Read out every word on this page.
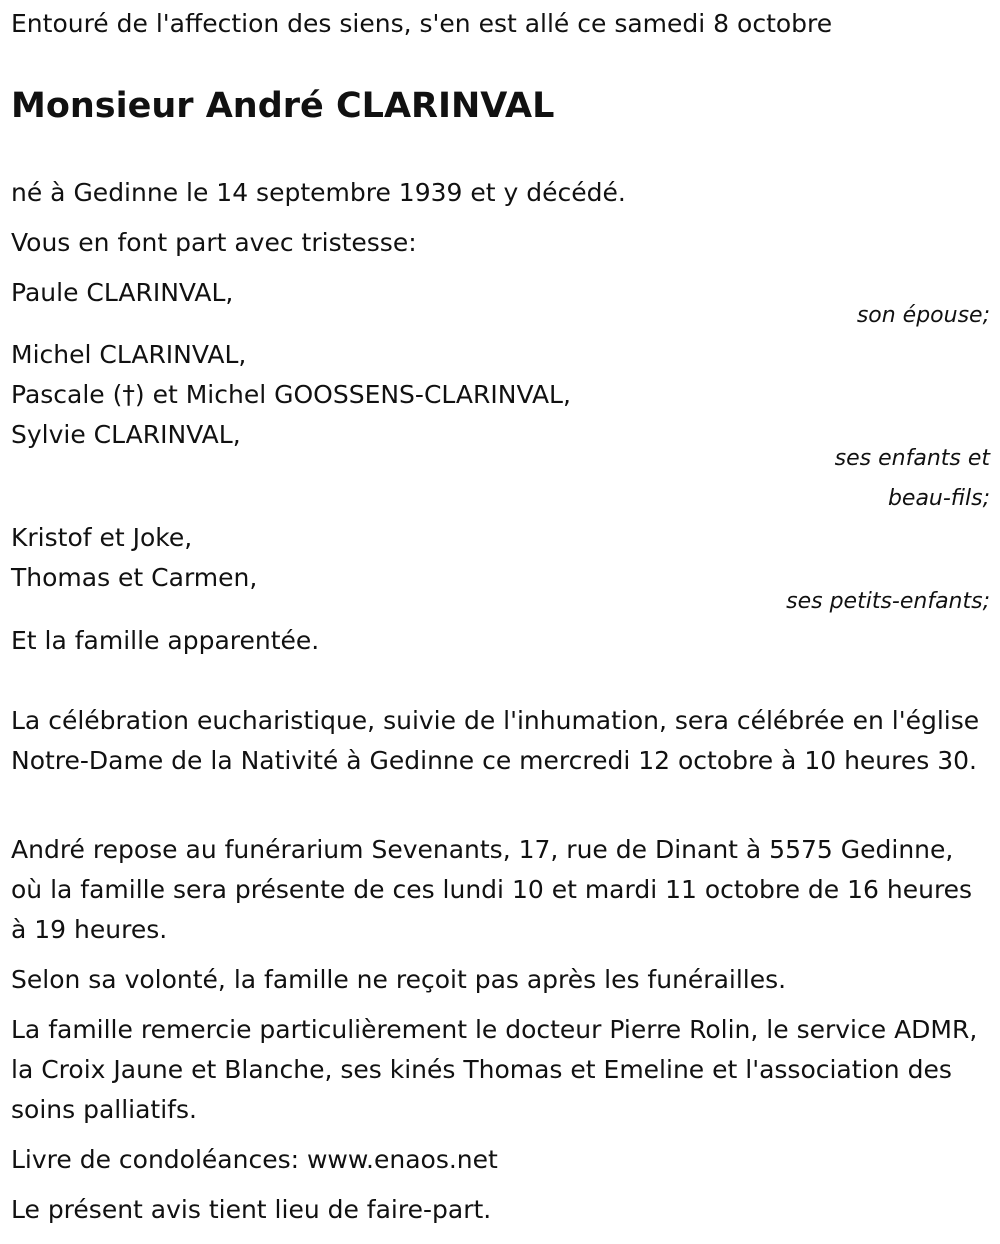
Entouré de l'affection des siens, s'en est allé ce samedi 8 octobre
Monsieur André CLARINVAL
né à Gedinne le 14 septembre 1939 et y décédé.
Vous en font part avec tristesse:
Paule CLARINVAL,
son épouse;
Michel CLARINVAL,
Pascale (†) et Michel GOOSSENS-CLARINVAL,
Sylvie CLARINVAL,
ses enfants et
beau-fils;
Kristof et Joke,
Thomas et Carmen,
ses petits-enfants;
Et la famille apparentée.
La célébration eucharistique, suivie de l'inhumation, sera célébrée en l'église Notre-Dame de la Nativité à Gedinne ce mercredi 12 octobre à 10 heures 30.
André repose au funérarium Sevenants, 17, rue de Dinant à 5575 Gedinne, où la famille sera présente de ces lundi 10 et mardi 11 octobre de 16 heures à 19 heures.
Selon sa volonté, la famille ne reçoit pas après les funérailles.
La famille remercie particulièrement le docteur Pierre Rolin, le service ADMR, la Croix Jaune et Blanche, ses kinés Thomas et Emeline et l'association des soins palliatifs.
Livre de condoléances: www.enaos.net
Le présent avis tient lieu de faire-part.
